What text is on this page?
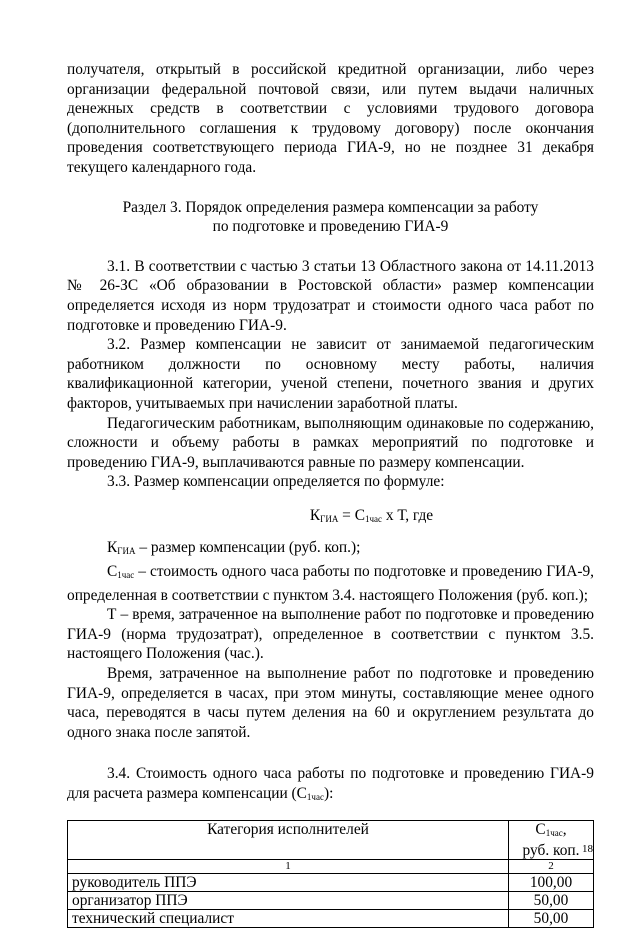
получателя, открытый в российской кредитной организации, либо через организации федеральной почтовой связи, или путем выдачи наличных денежных средств в соответствии с условиями трудового договора (дополнительного соглашения к трудовому договору) после окончания проведения соответствующего периода ГИА-9, но не позднее 31 декабря текущего календарного года.

Раздел 3. Порядок определения размера компенсации за работу
по подготовке и проведению ГИА-9

3.1. В соответствии с частью 3 статьи 13 Областного закона от 14.11.2013 № 26-ЗС «Об образовании в Ростовской области» размер компенсации определяется исходя из норм трудозатрат и стоимости одного часа работ по подготовке и проведению ГИА-9.

3.2. Размер компенсации не зависит от занимаемой педагогическим работником должности по основному месту работы, наличия квалификационной категории, ученой степени, почетного звания и других факторов, учитываемых при начислении заработной платы.

Педагогическим работникам, выполняющим одинаковые по содержанию, сложности и объему работы в рамках мероприятий по подготовке и проведению ГИА-9, выплачиваются равные по размеру компенсации.

3.3. Размер компенсации определяется по формуле:

$К_{ГИА} = С_{1час}$ х Т, где

$К_{ГИА}$ – размер компенсации (руб. коп.);

$С_{1час}$ – стоимость одного часа работы по подготовке и проведению ГИА-9, определенная в соответствии с пунктом 3.4. настоящего Положения (руб. коп.);

Т – время, затраченное на выполнение работ по подготовке и проведению ГИА-9 (норма трудозатрат), определенное в соответствии с пунктом 3.5. настоящего Положения (час.).

Время, затраченное на выполнение работ по подготовке и проведению ГИА-9, определяется в часах, при этом минуты, составляющие менее одного часа, переводятся в часы путем деления на 60 и округлением результата до одного знака после запятой.

3.4. Стоимость одного часа работы по подготовке и проведению ГИА-9 для расчета размера компенсации $(С_{1час})$:

Категория исполнителей	$С_{1час}$,
руб. коп.

1	2
руководитель ППЭ	100,00
организатор ППЭ	50,00
технический специалист	50,00
18
